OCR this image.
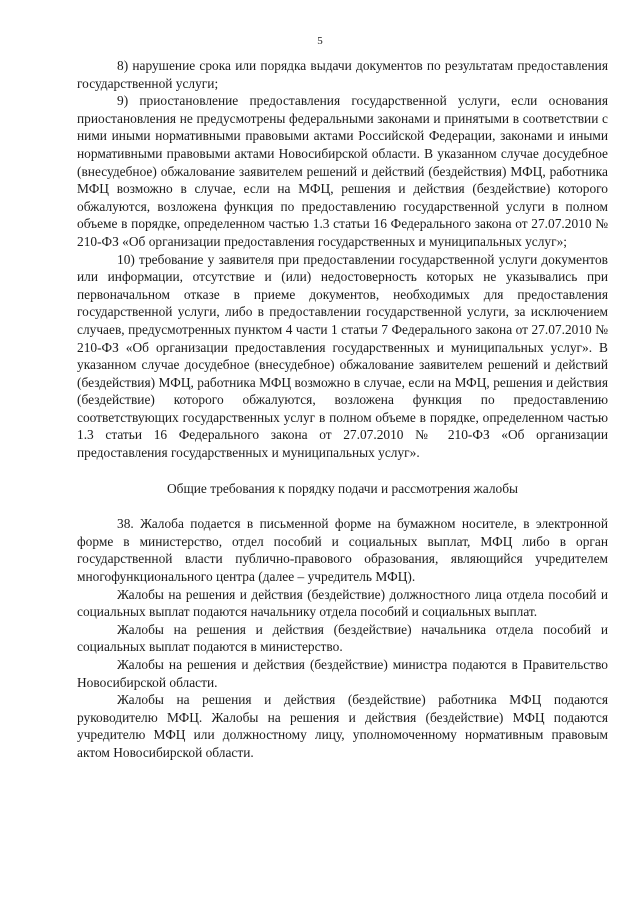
5

8) нарушение срока или порядка выдачи документов по результатам предоставления государственной услуги;

9) приостановление предоставления государственной услуги, если основания приостановления не предусмотрены федеральными законами и принятыми в соответствии с ними иными нормативными правовыми актами Российской Федерации, законами и иными нормативными правовыми актами Новосибирской области. В указанном случае досудебное (внесудебное) обжалование заявителем решений и действий (бездействия) МФЦ, работника МФЦ возможно в случае, если на МФЦ, решения и действия (бездействие) которого обжалуются, возложена функция по предоставлению государственной услуги в полном объеме в порядке, определенном частью 1.3 статьи 16 Федерального закона от 27.07.2010 № 210-ФЗ «Об организации предоставления государственных и муниципальных услуг»;

10) требование у заявителя при предоставлении государственной услуги документов или информации, отсутствие и (или) недостоверность которых не указывались при первоначальном отказе в приеме документов, необходимых для предоставления государственной услуги, либо в предоставлении государственной услуги, за исключением случаев, предусмотренных пунктом 4 части 1 статьи 7 Федерального закона от 27.07.2010 № 210-ФЗ «Об организации предоставления государственных и муниципальных услуг». В указанном случае досудебное (внесудебное) обжалование заявителем решений и действий (бездействия) МФЦ, работника МФЦ возможно в случае, если на МФЦ, решения и действия (бездействие) которого обжалуются, возложена функция по предоставлению соответствующих государственных услуг в полном объеме в порядке, определенном частью 1.3 статьи 16 Федерального закона от 27.07.2010 № 210-ФЗ «Об организации предоставления государственных и муниципальных услуг».

Общие требования к порядку подачи и рассмотрения жалобы

38. Жалоба подается в письменной форме на бумажном носителе, в электронной форме в министерство, отдел пособий и социальных выплат, МФЦ либо в орган государственной власти публично-правового образования, являющийся учредителем многофункционального центра (далее – учредитель МФЦ).

Жалобы на решения и действия (бездействие) должностного лица отдела пособий и социальных выплат подаются начальнику отдела пособий и социальных выплат.

Жалобы на решения и действия (бездействие) начальника отдела пособий и социальных выплат подаются в министерство.

Жалобы на решения и действия (бездействие) министра подаются в Правительство Новосибирской области.

Жалобы на решения и действия (бездействие) работника МФЦ подаются руководителю МФЦ. Жалобы на решения и действия (бездействие) МФЦ подаются учредителю МФЦ или должностному лицу, уполномоченному нормативным правовым актом Новосибирской области.
